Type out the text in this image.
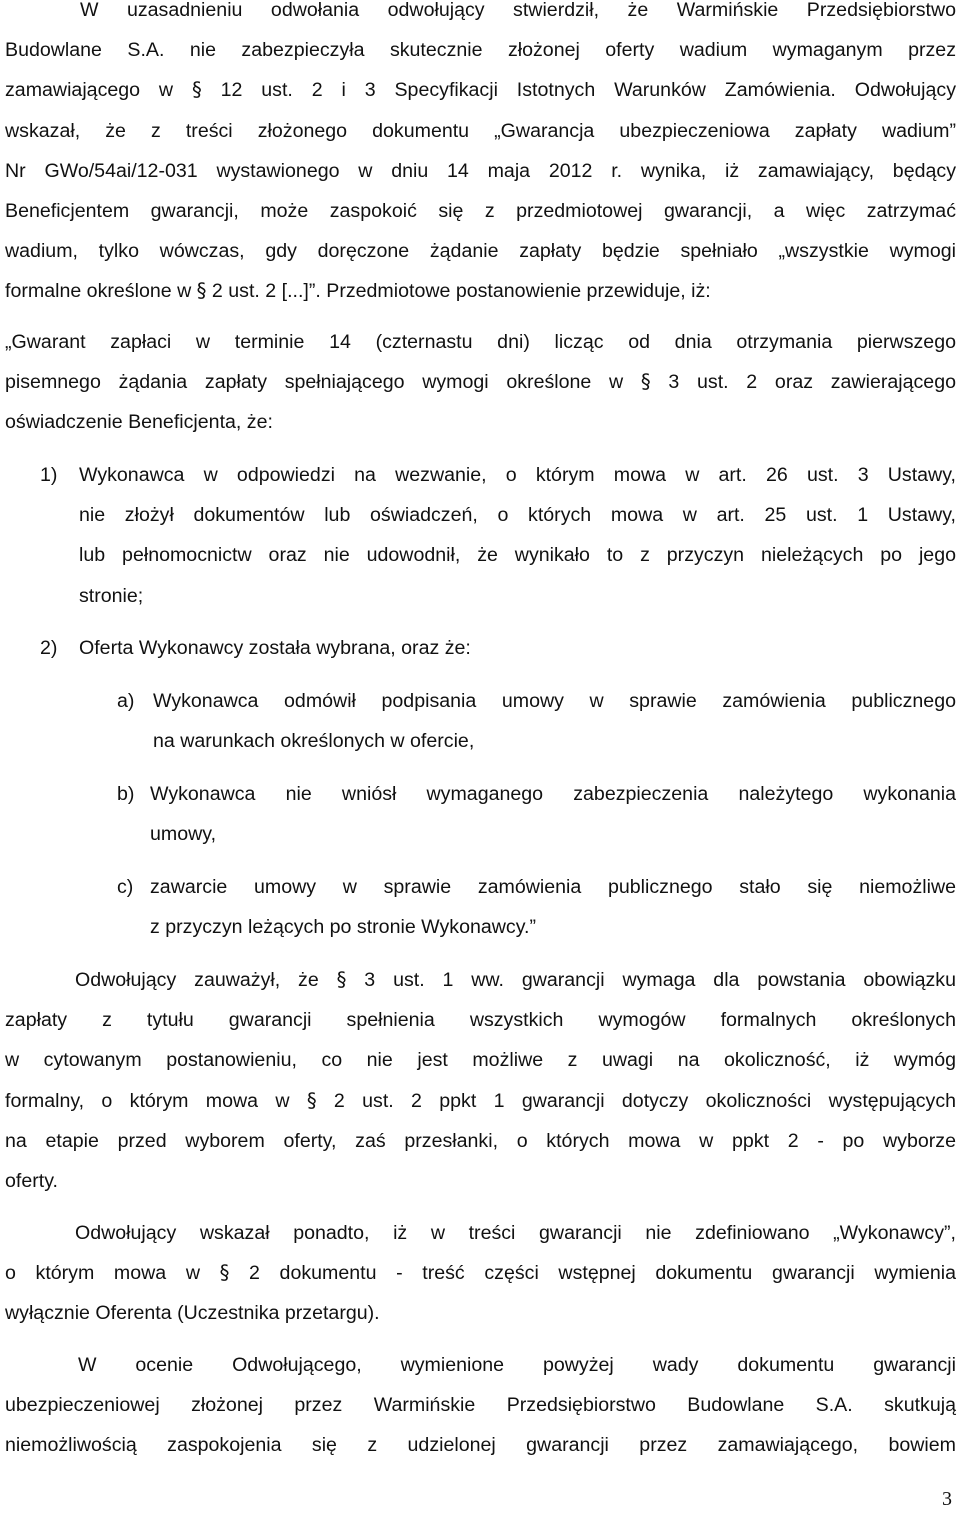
W uzasadnieniu odwołania odwołujący stwierdził, że Warmińskie Przedsiębiorstwo
Budowlane S.A. nie zabezpieczyła skutecznie złożonej oferty wadium wymaganym przez
zamawiającego w § 12 ust. 2 i 3 Specyfikacji Istotnych Warunków Zamówienia. Odwołujący
wskazał, że z treści złożonego dokumentu „Gwarancja ubezpieczeniowa zapłaty wadium”
Nr GWo/54ai/12-031 wystawionego w dniu 14 maja 2012 r. wynika, iż zamawiający, będący
Beneficjentem gwarancji, może zaspokoić się z przedmiotowej gwarancji, a więc zatrzymać
wadium, tylko wówczas, gdy doręczone żądanie zapłaty będzie spełniało „wszystkie wymogi
formalne określone w § 2 ust. 2 [...]”. Przedmiotowe postanowienie przewiduje, iż:
„Gwarant zapłaci w terminie 14 (czternastu dni) licząc od dnia otrzymania pierwszego
pisemnego żądania zapłaty spełniającego wymogi określone w § 3 ust. 2 oraz zawierającego
oświadczenie Beneficjenta, że:
1)	Wykonawca w odpowiedzi na wezwanie, o którym mowa w art. 26 ust. 3 Ustawy,
nie złożył dokumentów lub oświadczeń, o których mowa w art. 25 ust. 1 Ustawy,
lub pełnomocnictw oraz nie udowodnił, że wynikało to z przyczyn nieleżących po jego
stronie;
2)	Oferta Wykonawcy została wybrana, oraz że:
a) Wykonawca odmówił podpisania umowy w sprawie zamówienia publicznego
na warunkach określonych w ofercie,
b) Wykonawca nie wniósł wymaganego zabezpieczenia należytego wykonania
umowy,
c) zawarcie umowy w sprawie zamówienia publicznego stało się niemożliwe
z przyczyn leżących po stronie Wykonawcy.”
Odwołujący zauważył, że § 3 ust. 1 ww. gwarancji wymaga dla powstania obowiązku
zapłaty z tytułu gwarancji spełnienia wszystkich wymogów formalnych określonych
w cytowanym postanowieniu, co nie jest możliwe z uwagi na okoliczność, iż wymóg
formalny, o którym mowa w § 2 ust. 2 ppkt 1 gwarancji dotyczy okoliczności występujących
na etapie przed wyborem oferty, zaś przesłanki, o których mowa w ppkt 2 - po wyborze
oferty.
Odwołujący wskazał ponadto, iż w treści gwarancji nie zdefiniowano „Wykonawcy”,
o którym mowa w § 2 dokumentu - treść części wstępnej dokumentu gwarancji wymienia
wyłącznie Oferenta (Uczestnika przetargu).
W ocenie Odwołującego, wymienione powyżej wady dokumentu gwarancji
ubezpieczeniowej złożonej przez Warmińskie Przedsiębiorstwo Budowlane S.A. skutkują
niemożliwością zaspokojenia się z udzielonej gwarancji przez zamawiającego, bowiem
3
